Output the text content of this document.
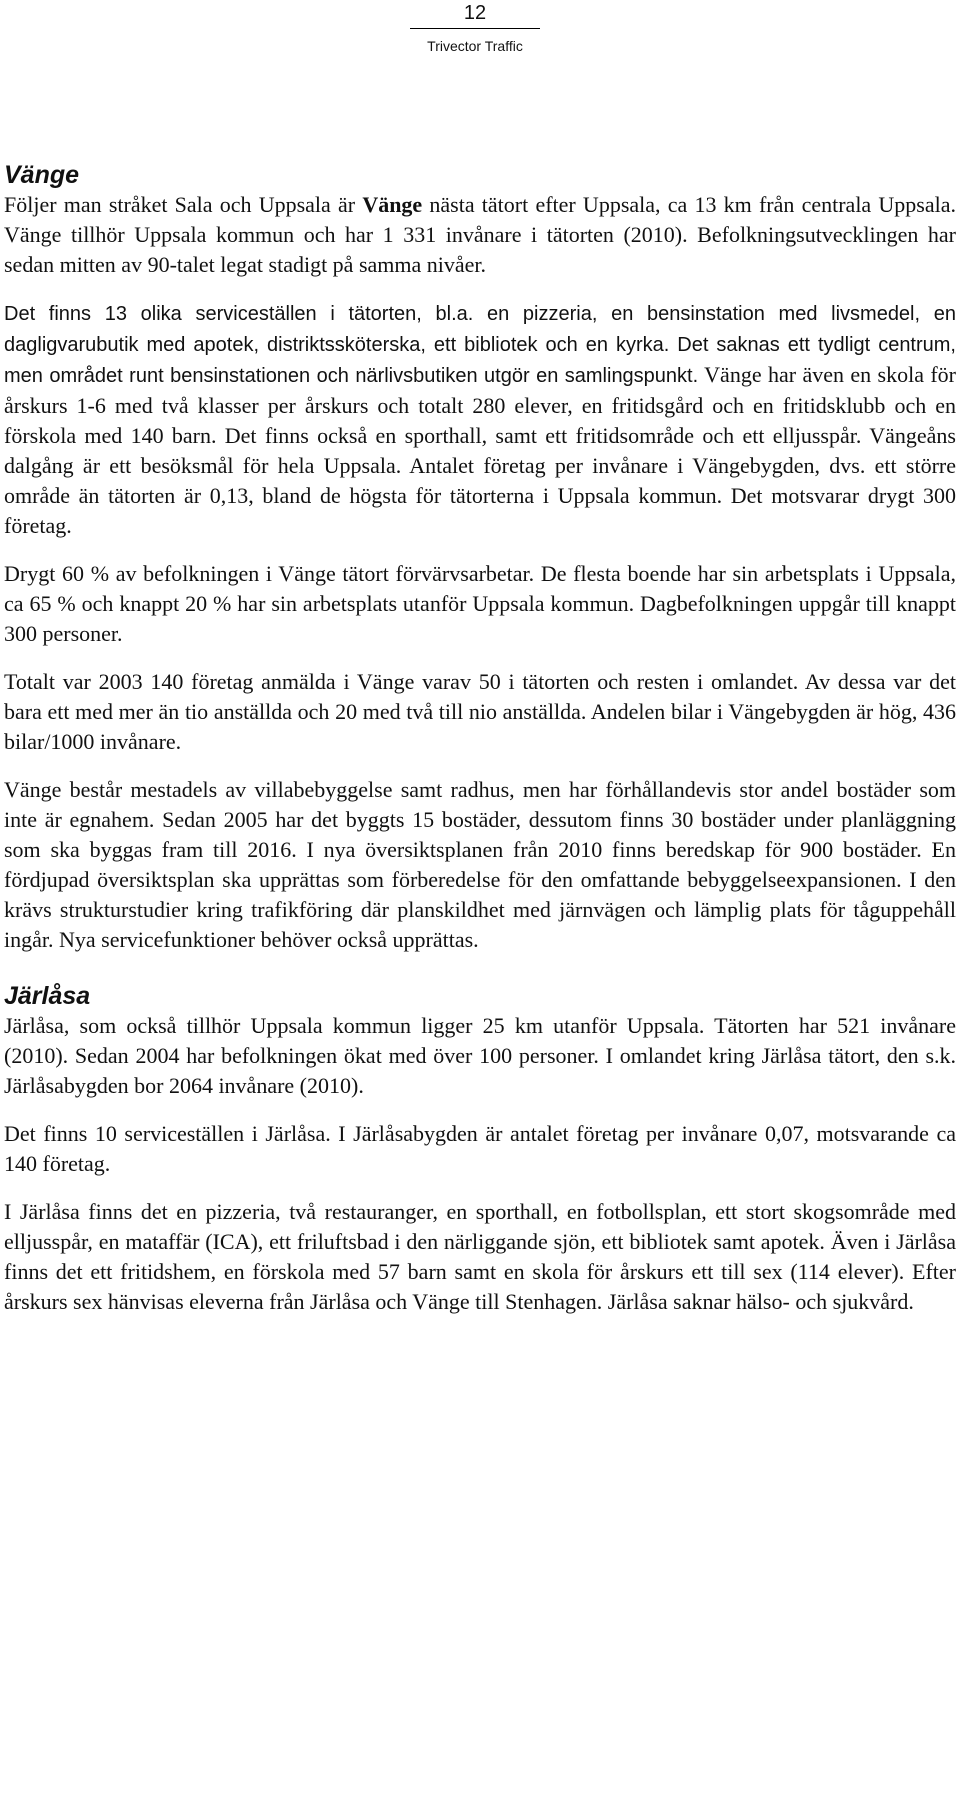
12
Trivector Traffic
Vänge

Följer man stråket Sala och Uppsala är Vänge nästa tätort efter Uppsala, ca 13 km från centrala Uppsala. Vänge tillhör Uppsala kommun och har 1 331 invånare i tätorten (2010). Befolkningsutvecklingen har sedan mitten av 90-talet legat stadigt på samma nivåer.

Det finns 13 olika serviceställen i tätorten, bl.a. en pizzeria, en bensinstation med livsmedel, en dagligvarubutik med apotek, distriktssköterska, ett bibliotek och en kyrka. Det saknas ett tydligt centrum, men området runt bensinstationen och närlivsbutiken utgör en samlingspunkt. Vänge har även en skola för årskurs 1-6 med två klasser per årskurs och totalt 280 elever, en fritidsgård och en fritidsklubb och en förskola med 140 barn. Det finns också en sporthall, samt ett fritidsområde och ett elljusspår. Vängeåns dalgång är ett besöksmål för hela Uppsala. Antalet företag per invånare i Vängebygden, dvs. ett större område än tätorten är 0,13, bland de högsta för tätorterna i Uppsala kommun. Det motsvarar drygt 300 företag.

Drygt 60 % av befolkningen i Vänge tätort förvärvsarbetar. De flesta boende har sin arbetsplats i Uppsala, ca 65 % och knappt 20 % har sin arbetsplats utanför Uppsala kommun. Dagbefolkningen uppgår till knappt 300 personer.

Totalt var 2003 140 företag anmälda i Vänge varav 50 i tätorten och resten i omlandet. Av dessa var det bara ett med mer än tio anställda och 20 med två till nio anställda. Andelen bilar i Vängebygden är hög, 436 bilar/1000 invånare.

Vänge består mestadels av villabebyggelse samt radhus, men har förhållandevis stor andel bostäder som inte är egnahem. Sedan 2005 har det byggts 15 bostäder, dessutom finns 30 bostäder under planläggning som ska byggas fram till 2016. I nya översiktsplanen från 2010 finns beredskap för 900 bostäder. En fördjupad översiktsplan ska upprättas som förberedelse för den omfattande bebyggelseexpansionen. I den krävs strukturstudier kring trafikföring där planskildhet med järnvägen och lämplig plats för tåguppehåll ingår. Nya servicefunktioner behöver också upprättas.

Järlåsa

Järlåsa, som också tillhör Uppsala kommun ligger 25 km utanför Uppsala. Tätorten har 521 invånare (2010). Sedan 2004 har befolkningen ökat med över 100 personer. I omlandet kring Järlåsa tätort, den s.k. Järlåsabygden bor 2064 invånare (2010).

Det finns 10 serviceställen i Järlåsa. I Järlåsabygden är antalet företag per invånare 0,07, motsvarande ca 140 företag.

I Järlåsa finns det en pizzeria, två restauranger, en sporthall, en fotbollsplan, ett stort skogsområde med elljusspår, en mataffär (ICA), ett friluftsbad i den närliggande sjön, ett bibliotek samt apotek. Även i Järlåsa finns det ett fritidshem, en förskola med 57 barn samt en skola för årskurs ett till sex (114 elever). Efter årskurs sex hänvisas eleverna från Järlåsa och Vänge till Stenhagen. Järlåsa saknar hälso- och sjukvård.
